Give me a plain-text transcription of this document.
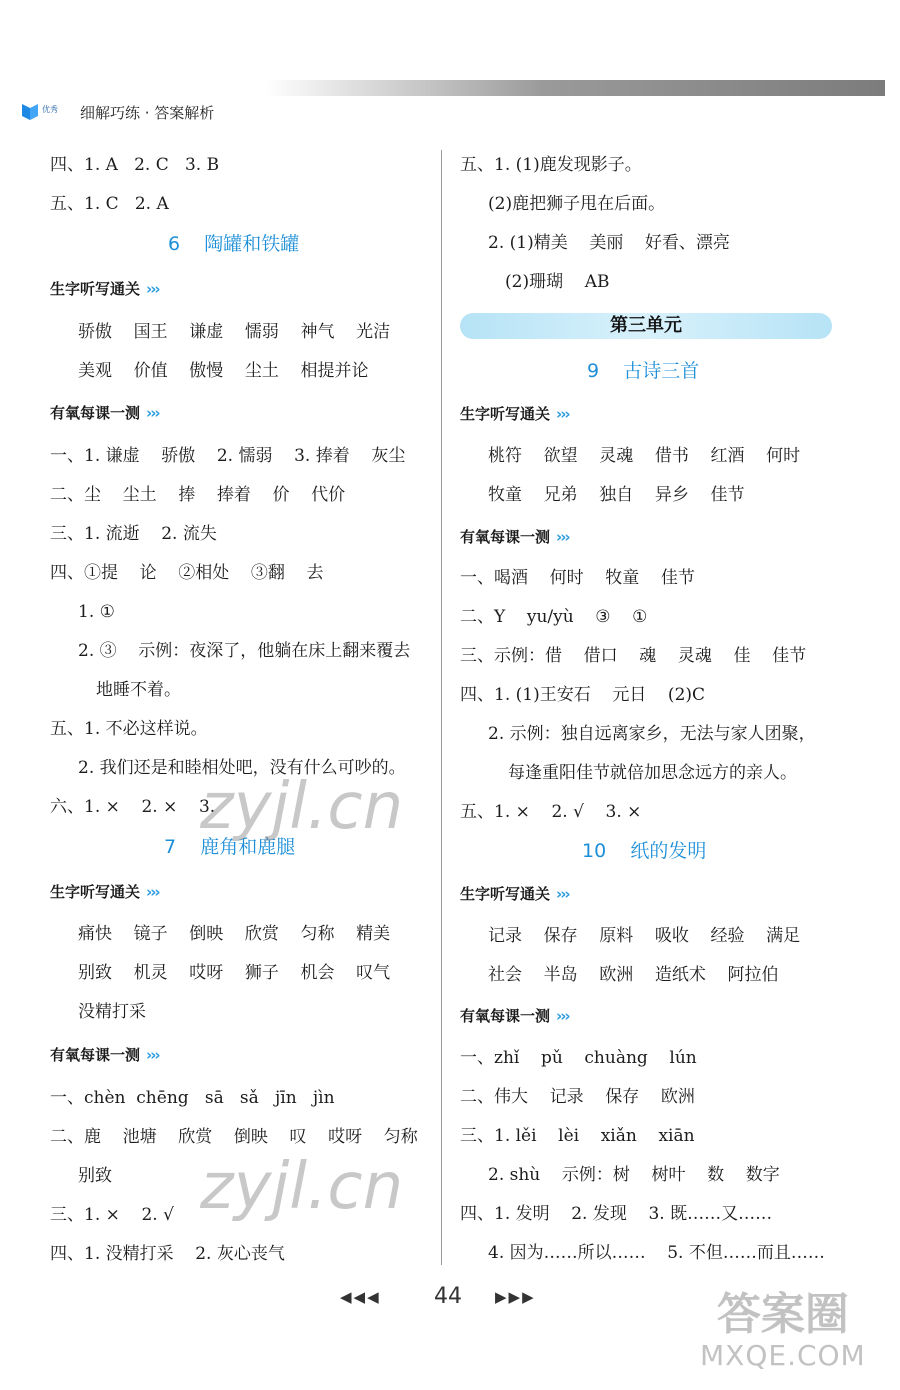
优秀 细解巧练 · 答案解析
四、1. A   2. C   3. B
五、1. C   2. A
6    陶罐和铁罐
生字听写通关 ›››
骄傲    国王    谦虚    懦弱    神气    光洁
美观    价值    傲慢    尘土    相提并论
有氧每课一测 ›››
一、1. 谦虚    骄傲    2. 懦弱    3. 捧着    灰尘
二、尘    尘土    捧    捧着    价    代价
三、1. 流逝    2. 流失
四、①提    论    ②相处    ③翻    去
1. ①
2. ③    示例：夜深了，他躺在床上翻来覆去
地睡不着。
五、1. 不必这样说。
2. 我们还是和睦相处吧，没有什么可吵的。
六、1. ×    2. ×    3.
7    鹿角和鹿腿
生字听写通关 ›››
痛快    镜子    倒映    欣赏    匀称    精美
别致    机灵    哎呀    狮子    机会    叹气
没精打采
有氧每课一测 ›››
一、chèn  chēng   sā   sǎ   jīn   jìn
二、鹿    池塘    欣赏    倒映    叹    哎呀    匀称
别致
三、1. ×    2. √
四、1. 没精打采    2. 灰心丧气
五、1. (1)鹿发现影子。
(2)鹿把狮子甩在后面。
2. (1)精美    美丽    好看、漂亮
(2)珊瑚    AB
第三单元
9    古诗三首
生字听写通关 ›››
桃符    欲望    灵魂    借书    红酒    何时
牧童    兄弟    独自    异乡    佳节
有氧每课一测 ›››
一、喝酒    何时    牧童    佳节
二、Y    yu/yù    ③    ①
三、示例：借    借口    魂    灵魂    佳    佳节
四、1. (1)王安石    元日    (2)C
2. 示例：独自远离家乡，无法与家人团聚，
每逢重阳佳节就倍加思念远方的亲人。
五、1. ×    2. √    3. ×
10    纸的发明
生字听写通关 ›››
记录    保存    原料    吸收    经验    满足
社会    半岛    欧洲    造纸术    阿拉伯
有氧每课一测 ›››
一、zhǐ    pǔ    chuàng    lún
二、伟大    记录    保存    欧洲
三、1. lěi    lèi    xiǎn    xiān
2. shù    示例：树    树叶    数    数字
四、1. 发明    2. 发现    3. 既……又……
4. 因为……所以……    5. 不但……而且……
zyjl.cn
zyjl.cn
◀◀◀ 44 ▶▶▶	答案圈
MXQE.COM
